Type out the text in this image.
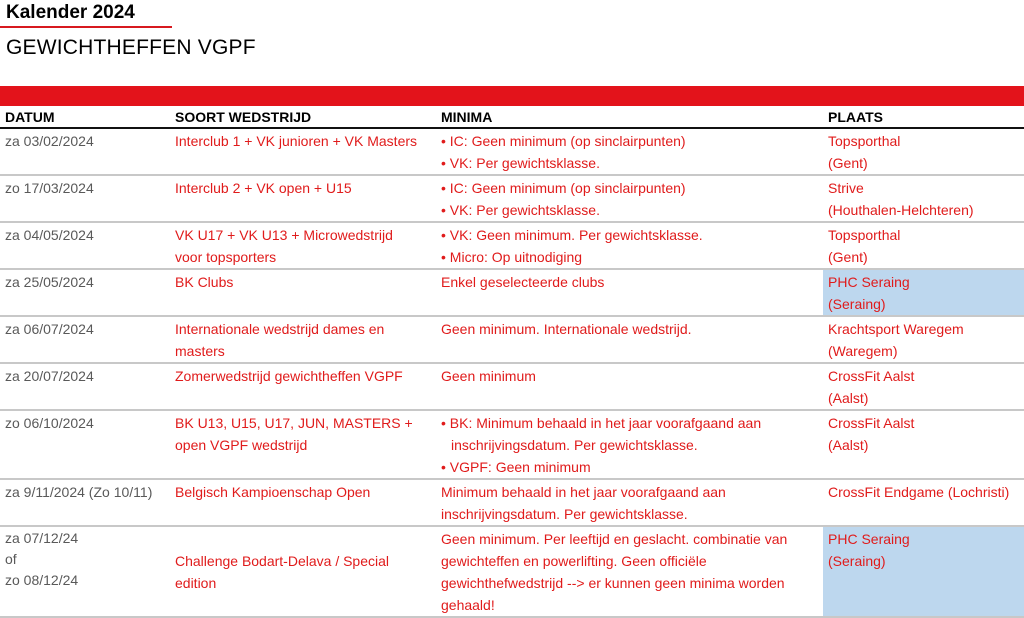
Kalender 2024
GEWICHTHEFFEN VGPF
DATUM	SOORT WEDSTRIJD	MINIMA	PLAATS

za 03/02/2024	Interclub 1 + VK junioren + VK Masters	• IC: Geen minimum (op sinclairpunten)
• VK: Per gewichtsklasse.	Topsporthal
(Gent)

zo 17/03/2024	Interclub 2 + VK open + U15	• IC: Geen minimum (op sinclairpunten)
• VK: Per gewichtsklasse.	Strive
(Houthalen-Helchteren)

za 04/05/2024	VK U17 + VK U13 + Microwedstrijd
voor topsporters	• VK: Geen minimum. Per gewichtsklasse.
• Micro: Op uitnodiging	Topsporthal
(Gent)

za 25/05/2024	BK Clubs	Enkel geselecteerde clubs	PHC Seraing
(Seraing)

za 06/07/2024	Internationale wedstrijd dames en
masters	Geen minimum. Internationale wedstrijd.	Krachtsport Waregem
(Waregem)

za 20/07/2024	Zomerwedstrijd gewichtheffen VGPF	Geen minimum	CrossFit Aalst
(Aalst)

zo 06/10/2024	BK U13, U15, U17, JUN, MASTERS +
open VGPF wedstrijd	• BK: Minimum behaald in het jaar voorafgaand aan
inschrijvingsdatum. Per gewichtsklasse.
• VGPF: Geen minimum	CrossFit Aalst
(Aalst)

za 9/11/2024 (Zo 10/11)	Belgisch Kampioenschap Open	Minimum behaald in het jaar voorafgaand aan
inschrijvingsdatum. Per gewichtsklasse.	CrossFit Endgame (Lochristi)

za 07/12/24
of
zo 08/12/24	Challenge Bodart-Delava / Special
edition	Geen minimum. Per leeftijd en geslacht. combinatie van
gewichteffen en powerlifting. Geen officiële
gewichthefwedstrijd --> er kunnen geen minima worden
gehaald!	PHC Seraing
(Seraing)
